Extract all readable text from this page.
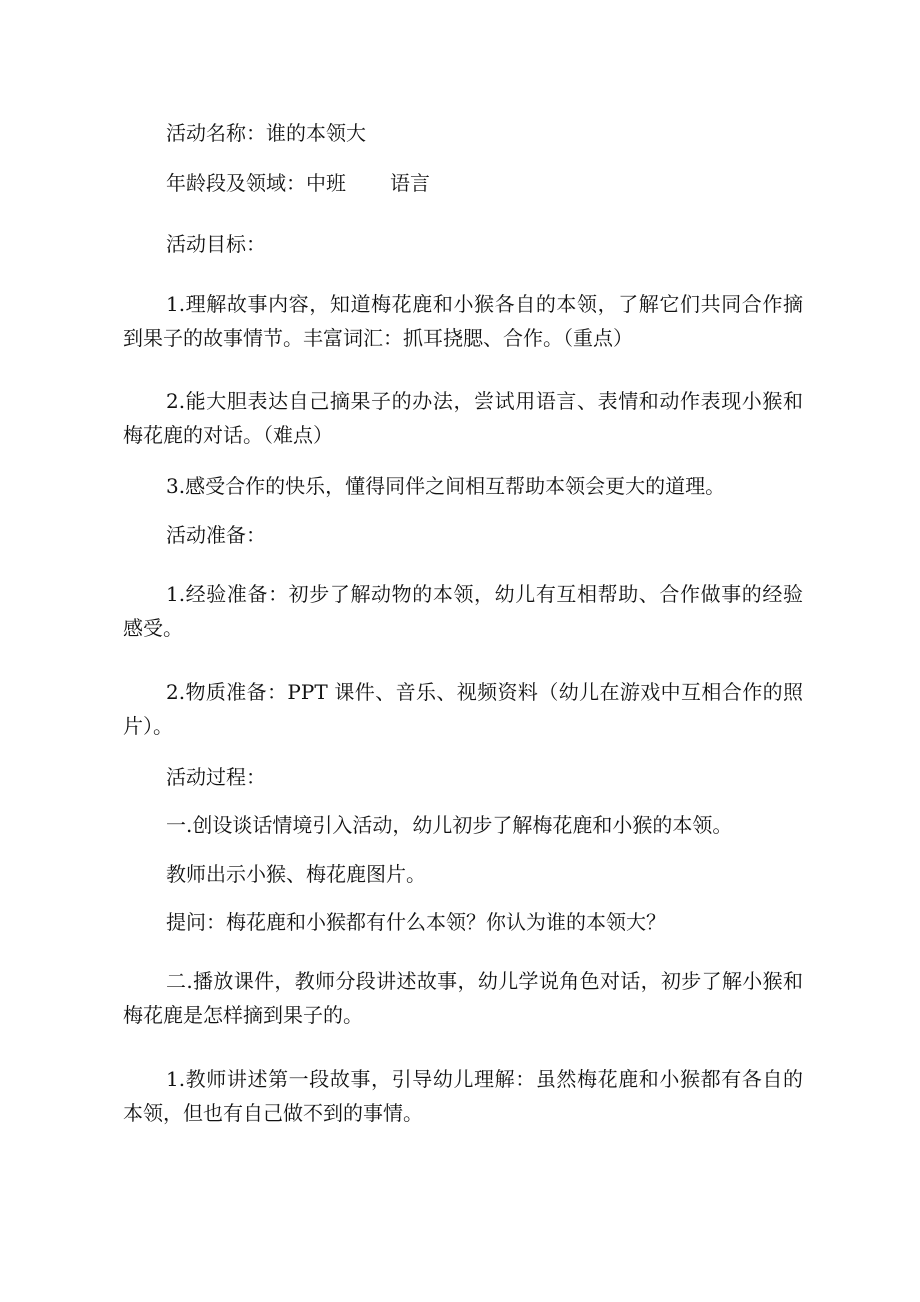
活动名称：谁的本领大

年龄段及领域：中班 语言

活动目标：

1.理解故事内容，知道梅花鹿和小猴各自的本领，了解它们共同合作摘到果子的故事情节。丰富词汇：抓耳挠腮、合作。（重点）

2.能大胆表达自己摘果子的办法，尝试用语言、表情和动作表现小猴和梅花鹿的对话。（难点）

3.感受合作的快乐，懂得同伴之间相互帮助本领会更大的道理。

活动准备：

1.经验准备：初步了解动物的本领，幼儿有互相帮助、合作做事的经验感受。

2.物质准备：PPT 课件、音乐、视频资料（幼儿在游戏中互相合作的照片）。

活动过程：

一.创设谈话情境引入活动，幼儿初步了解梅花鹿和小猴的本领。

教师出示小猴、梅花鹿图片。

提问：梅花鹿和小猴都有什么本领？你认为谁的本领大？

二.播放课件，教师分段讲述故事，幼儿学说角色对话，初步了解小猴和梅花鹿是怎样摘到果子的。

1.教师讲述第一段故事，引导幼儿理解：虽然梅花鹿和小猴都有各自的本领，但也有自己做不到的事情。
